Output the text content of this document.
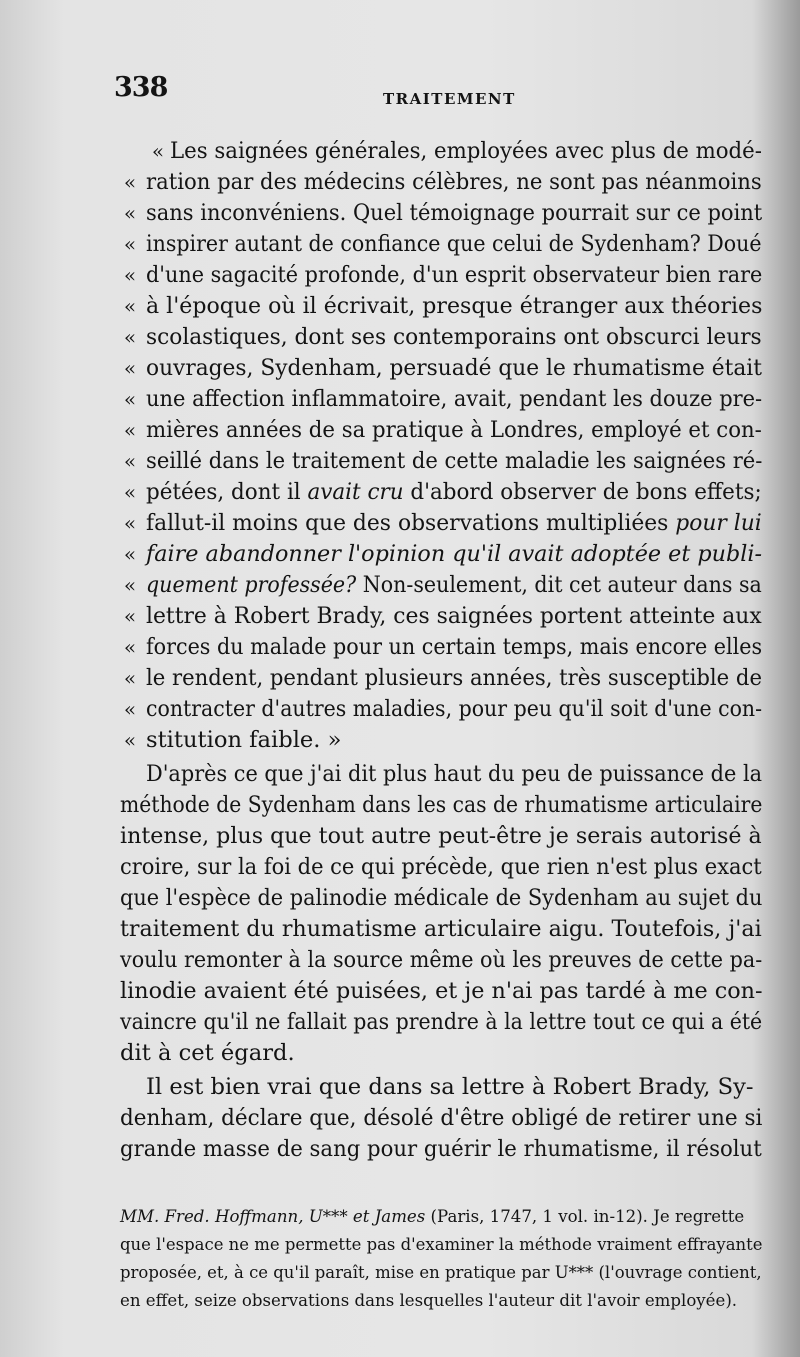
338	TRAITEMENT
« Les saignées générales, employées avec plus de modé-
« ration par des médecins célèbres, ne sont pas néanmoins
« sans inconvéniens. Quel témoignage pourrait sur ce point
« inspirer autant de confiance que celui de Sydenham? Doué
« d'une sagacité profonde, d'un esprit observateur bien rare
« à l'époque où il écrivait, presque étranger aux théories
« scolastiques, dont ses contemporains ont obscurci leurs
« ouvrages, Sydenham, persuadé que le rhumatisme était
« une affection inflammatoire, avait, pendant les douze pre-
« mières années de sa pratique à Londres, employé et con-
« seillé dans le traitement de cette maladie les saignées ré-
« pétées, dont il avait cru d'abord observer de bons effets;
« fallut-il moins que des observations multipliées pour lui
« faire abandonner l'opinion qu'il avait adoptée et publi-
« quement professée? Non-seulement, dit cet auteur dans sa
« lettre à Robert Brady, ces saignées portent atteinte aux
« forces du malade pour un certain temps, mais encore elles
« le rendent, pendant plusieurs années, très susceptible de
« contracter d'autres maladies, pour peu qu'il soit d'une con-
« stitution faible. »
D'après ce que j'ai dit plus haut du peu de puissance de la
méthode de Sydenham dans les cas de rhumatisme articulaire
intense, plus que tout autre peut-être je serais autorisé à
croire, sur la foi de ce qui précède, que rien n'est plus exact
que l'espèce de palinodie médicale de Sydenham au sujet du
traitement du rhumatisme articulaire aigu. Toutefois, j'ai
voulu remonter à la source même où les preuves de cette pa-
linodie avaient été puisées, et je n'ai pas tardé à me con-
vaincre qu'il ne fallait pas prendre à la lettre tout ce qui a été
dit à cet égard.
Il est bien vrai que dans sa lettre à Robert Brady, Sy-
denham, déclare que, désolé d'être obligé de retirer une si
grande masse de sang pour guérir le rhumatisme, il résolut
MM. Fred. Hoffmann, U*** et James (Paris, 1747, 1 vol. in-12). Je regrette
que l'espace ne me permette pas d'examiner la méthode vraiment effrayante
proposée, et, à ce qu'il paraît, mise en pratique par U*** (l'ouvrage contient,
en effet, seize observations dans lesquelles l'auteur dit l'avoir employée).
